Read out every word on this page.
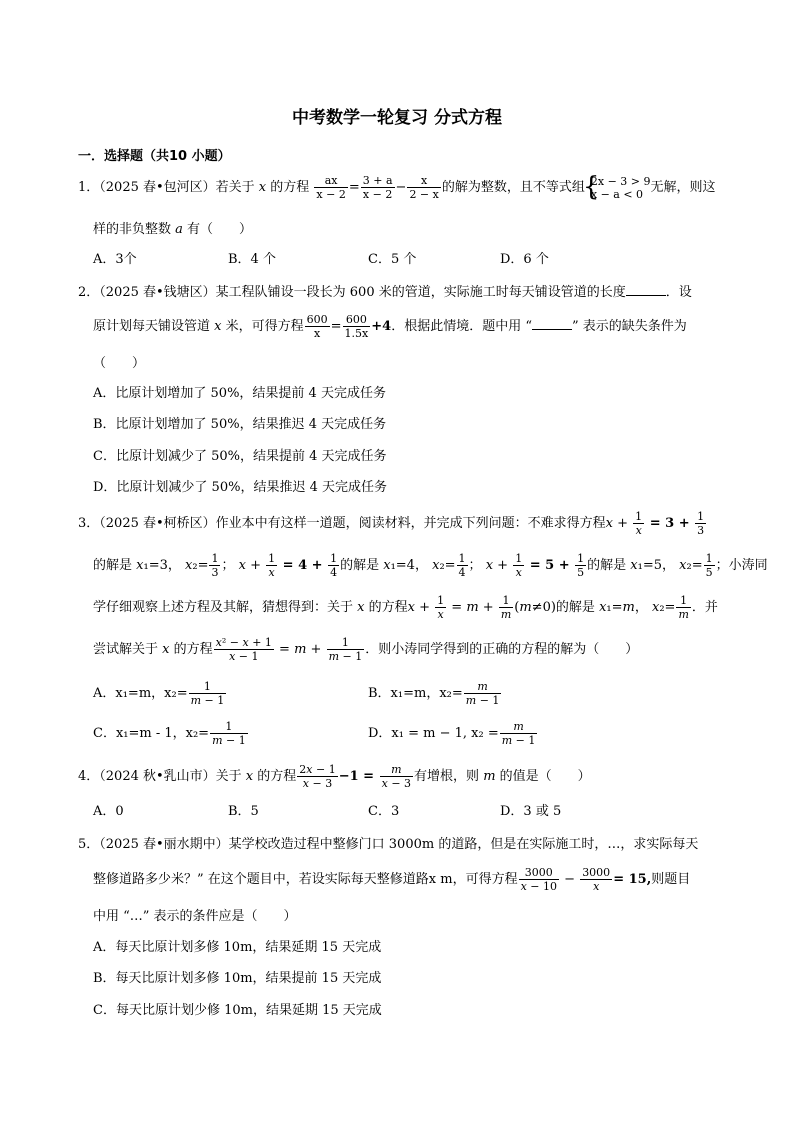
中考数学一轮复习 分式方程
一．选择题（共10 小题）
1．（2025 春•包河区）若关于 x 的方程 $\frac{ax}{x - 2} = \frac{3 + a}{x - 2} - \frac{x}{2 - x}$ 的解为整数，且不等式组
{ 2x − 3 > 9
x − a < 0 无解，则这
样的非负整数 a 有（　　）
A．3个	B．4 个	C．5 个	D．6 个
2．（2025 春•钱塘区）某工程队铺设一段长为 600 米的管道，实际施工时每天铺设管道的长度	．设
原计划每天铺设管道 x 米，可得方程 $\frac{600}{x} = \frac{600}{1.5x} +4$．根据此情境．题中用 “	” 表示的缺失条件为
（　　）
A．比原计划增加了 50%，结果提前 4 天完成任务
B．比原计划增加了 50%，结果推迟 4 天完成任务
C．比原计划减少了 50%，结果提前 4 天完成任务
D．比原计划减少了 50%，结果推迟 4 天完成任务
3．（2025 春•柯桥区）作业本中有这样一道题，阅读材料，并完成下列问题：不难求得方程$x + \frac{1}{x} = 3 + \frac{1}{3}$
的解是 x₁=3， $x_2= \frac{1}{3}$ ； $x + \frac{1}{x} = 4 + \frac{1}{4}$ 的解是 x₁=4， $x_2= \frac{1}{4}$ ； $x + \frac{1}{x} = 5 + \frac{1}{5}$ 的解是 x₁=5， $x_2= \frac{1}{5}$ ；小涛同
学仔细观察上述方程及其解，猜想得到：关于 x 的方程$x + \frac{1}{x} = m + \frac{1}{m} (m\ne 0)$的解是 x₁=m， $x_2= \frac{1}{m}$ ．并
尝试解关于 x 的方程 $\frac{\text{x² − x + 1}}{x - 1} = m + \frac{1}{m - 1}$ ．则小涛同学得到的正确的方程的解为（　　）
A．x₁=m，$x_2= \frac{1}{m - 1}$	B．x₁=m，$x_2= \frac{m}{m - 1}$
C．x₁=m - 1，$x_2= \frac{1}{m - 1}$	D．x₁ = m − 1, $x_2 = \frac{m}{m - 1}$
4．（2024 秋•乳山市）关于 x 的方程 $\frac{2x - 1}{x - 3} -1 = \frac{m}{x - 3}$ 有增根，则 m 的值是（　　）
A．0	B．5	C．3	D．3 或 5
5．（2025 春•丽水期中）某学校改造过程中整修门口 3000m 的道路，但是在实际施工时，…，求实际每天
整修道路多少米？” 在这个题目中，若设实际每天整修道路x m，可得方程 $\frac{3000}{x - 10} - \frac{3000}{x} = 15$,则题目
中用 “…” 表示的条件应是（　　）
A．每天比原计划多修 10m，结果延期 15 天完成
B．每天比原计划多修 10m，结果提前 15 天完成
C．每天比原计划少修 10m，结果延期 15 天完成
